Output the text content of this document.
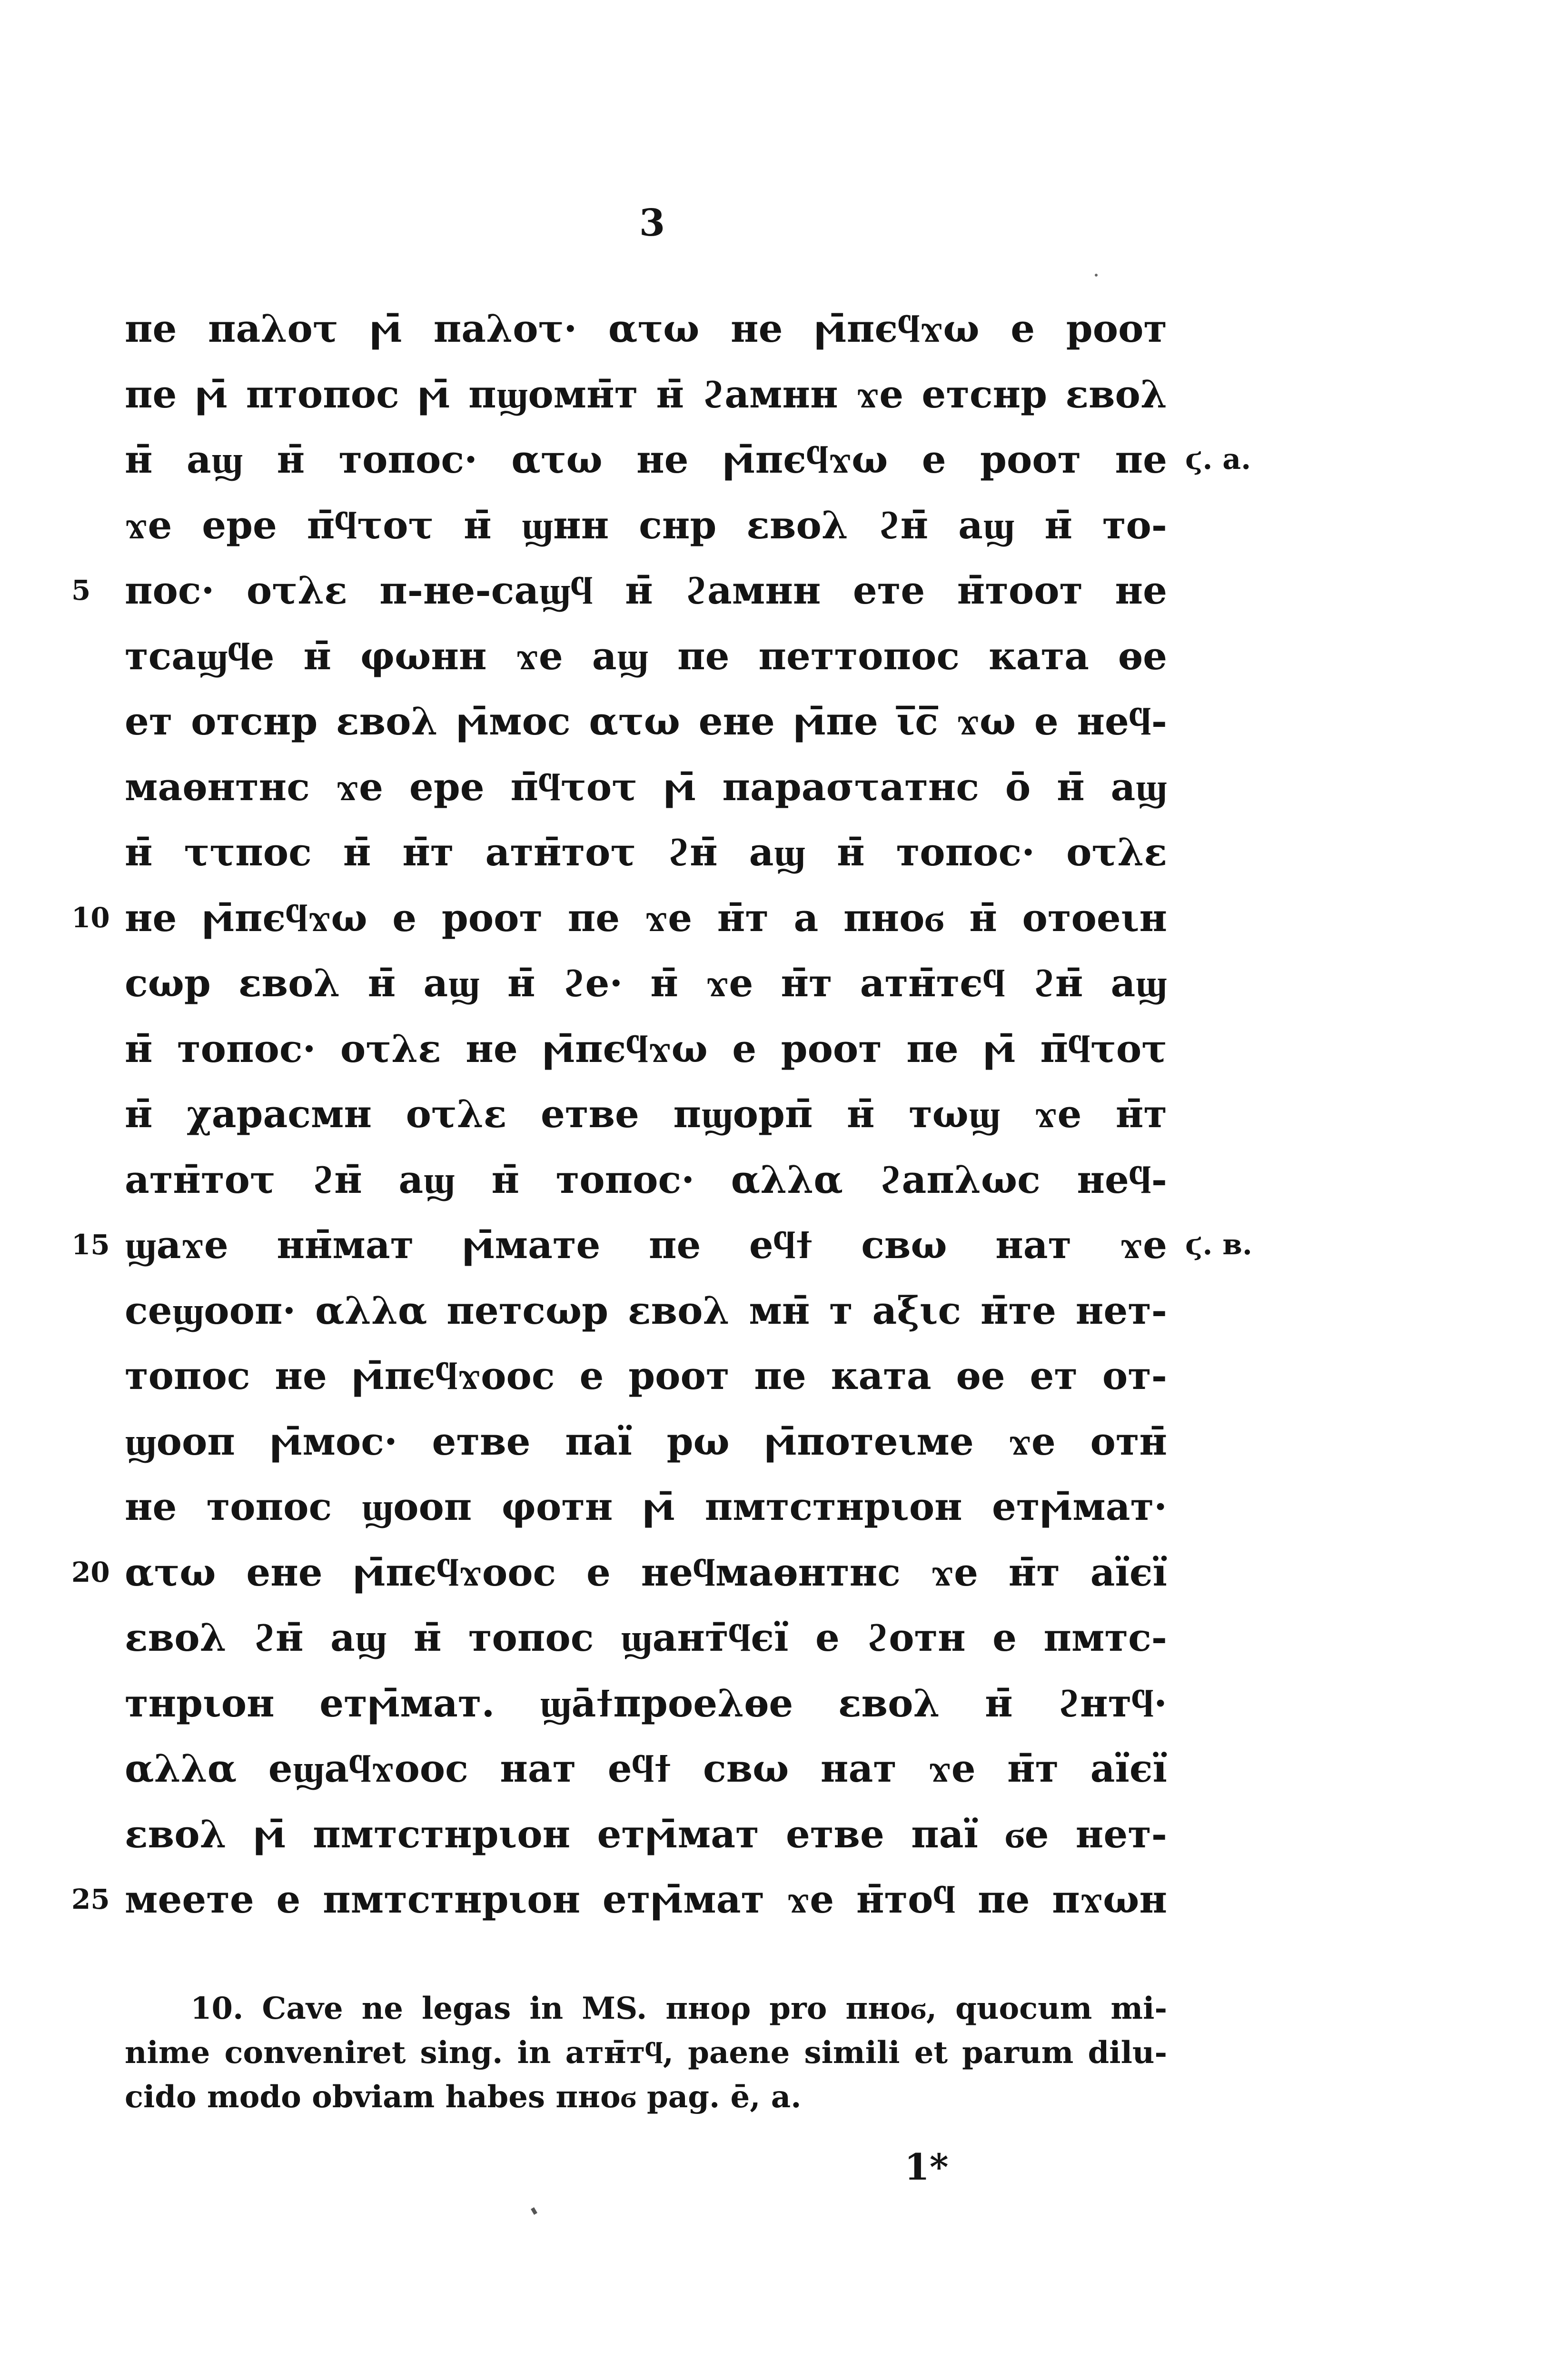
3
пе паλοτ ϻ̄ паλοτ· ατω не ϻ̄пєϥϫω е роот
пе ϻ̄ птопос ϻ̄ пϣомн̄т н̄ ϩамнн ϫе етснр εвоλ
н̄ аϣ н̄ топос· ατω не ϻ̄пєϥϫω е роот пе ϛ. а.
ϫе ере п̄ϥτοτ н̄ ϣнн снр εвоλ ϩн̄ аϣ н̄ то-
пос· οτλε п-не-саϣϥ н̄ ϩамнн ете н̄тоот не
5
тсаϣϥе н̄ φωнн ϫе аϣ пе петтопос ката ѳе
ет отснр εвоλ ϻ̄мос ατω ене ϻ̄пе ι̅с̅ ϫω е неϥ-
маѳнтнс ϫе ере п̄ϥτοτ ϻ̄ параστатнс ō н̄ аϣ
н̄ ττпос н̄ н̄т атн̄тοτ ϩн̄ аϣ н̄ топос· οτλε
не ϻ̄пєϥϫω е роот пе ϫе н̄т а пноϭ н̄ отоеιн
10
сωр εвоλ н̄ аϣ н̄ ϩе· н̄ ϫе н̄т атн̄тєϥ ϩн̄ аϣ
н̄ топос· οτλε не ϻ̄пєϥϫω е роот пе ϻ̄ п̄ϥτοτ
н̄ χарасмн οτλε етве пϣорп̄ н̄ тωϣ ϫе н̄т
атн̄тοτ ϩн̄ аϣ н̄ топос· αλλα ϩапλωс неϥ-
ϣаϫе нн̄мат ϻ̄мате пе еϥϯ свω нат ϫе
15	ϛ. в.
сеϣооп· αλλα петсωр εвоλ мн̄ т аξιс н̄те нет-
топос не ϻ̄пєϥϫоос е роот пе ката ѳе ет от-
ϣооп ϻ̄мос· етве паї рω ϻ̄потеιме ϫе отн̄
не топос ϣооп φотн ϻ̄ пмтстнрιон етϻ̄мат·
ατω ене ϻ̄пєϥϫоос е неϥмаѳнтнс ϫе н̄т аїєї
20
εвоλ ϩн̄ аϣ н̄ топос ϣант̄ϥєї е ϩотн е пмтс-
тнрιон етϻ̄мат. ϣа̄ϯпроеλѳе εвоλ н̄ ϩнтϥ·
αλλα еϣаϥϫоос нат еϥϯ свω нат ϫе н̄т аїєї
εвоλ ϻ̄ пмтстнрιон етϻ̄мат етве паї ϭе нет-
меете е пмтстнрιон етϻ̄мат ϫе н̄тоϥ пе пϫωн
25
10. Cave ne legas in MS. пноρ pro пноϭ, quocum mi-
nime conveniret sing. in атн̄тϥ, paene simili et parum dilu-
cido modo obviam habes пноϭ pag. ē, a.
1*
